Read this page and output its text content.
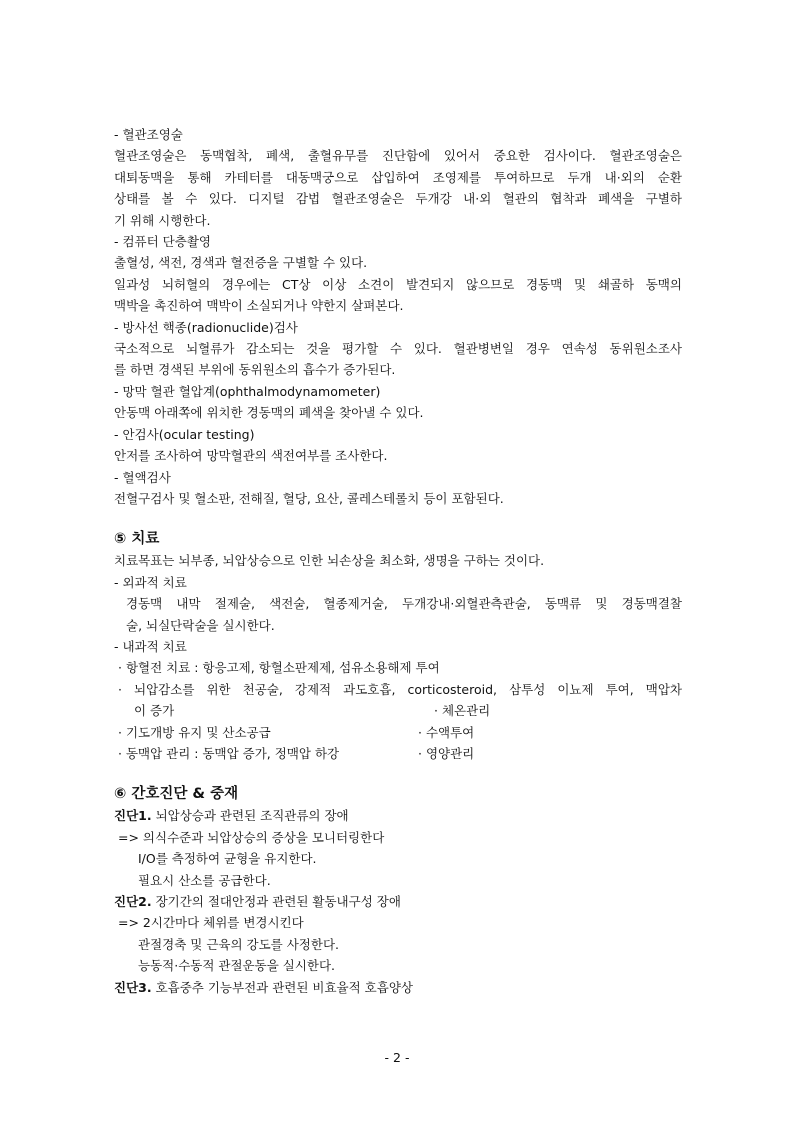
- 혈관조영술
혈관조영술은 동맥협착, 폐색, 출혈유무를 진단함에 있어서 중요한 검사이다. 혈관조영술은
대퇴동맥을 통해 카테터를 대동맥궁으로 삽입하여 조영제를 투여하므로 두개 내·외의 순환
상태를 볼 수 있다. 디지털 감법 혈관조영술은 두개강 내·외 혈관의 협착과 폐색을 구별하
기 위해 시행한다.
- 컴퓨터 단층촬영
출혈성, 색전, 경색과 혈전증을 구별할 수 있다.
일과성 뇌허혈의 경우에는 CT상 이상 소견이 발견되지 않으므로 경동맥 및 쇄골하 동맥의
맥박을 촉진하여 맥박이 소실되거나 약한지 살펴본다.
- 방사선 핵종(radionuclide)검사
국소적으로 뇌혈류가 감소되는 것을 평가할 수 있다. 혈관병변일 경우 연속성 동위원소조사
를 하면 경색된 부위에 동위원소의 흡수가 증가된다.
- 망막 혈관 혈압계(ophthalmodynamometer)
안동맥 아래쪽에 위치한 경동맥의 폐색을 찾아낼 수 있다.
- 안검사(ocular testing)
안저를 조사하여 망막혈관의 색전여부를 조사한다.
- 혈액검사
전혈구검사 및 혈소판, 전해질, 혈당, 요산, 콜레스테롤치 등이 포함된다.
⑤ 치료
치료목표는 뇌부종, 뇌압상승으로 인한 뇌손상을 최소화, 생명을 구하는 것이다.
- 외과적 치료
경동맥 내막 절제술, 색전술, 혈종제거술, 두개강내·외혈관측관술, 동맥류 및 경동맥결찰
술, 뇌실단락술을 실시한다.
- 내과적 치료
· 항혈전 치료 : 항응고제, 항혈소판제제, 섬유소용해제 투여
· 뇌압감소를 위한 천공술, 강제적 과도호흡, corticosteroid, 삼투성 이뇨제 투여, 맥압차
이 증가	· 체온관리
· 기도개방 유지 및 산소공급	· 수액투여
· 동맥압 관리 : 동맥압 증가, 정맥압 하강	· 영양관리
⑥ 간호진단 & 중재
진단1. 뇌압상승과 관련된 조직관류의 장애
=> 의식수준과 뇌압상승의 증상을 모니터링한다
I/O를 측정하여 균형을 유지한다.
필요시 산소를 공급한다.
진단2. 장기간의 절대안정과 관련된 활동내구성 장애
=> 2시간마다 체위를 변경시킨다
관절경축 및 근육의 강도를 사정한다.
능동적·수동적 관절운동을 실시한다.
진단3. 호흡중추 기능부전과 관련된 비효율적 호흡양상
- 2 -
